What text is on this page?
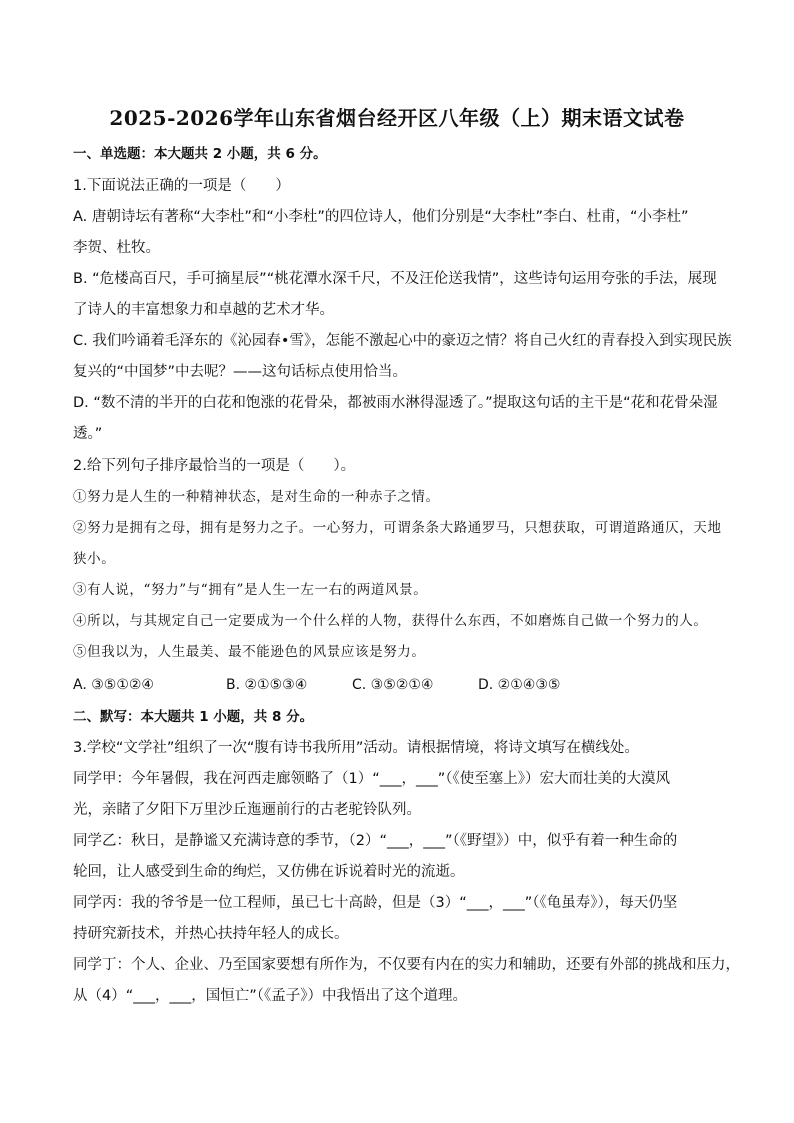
2025-2026学年山东省烟台经开区八年级（上）期末语文试卷
一、单选题：本大题共 2 小题，共 6 分。
1.下面说法正确的一项是（　　）
A. 唐朝诗坛有著称“大李杜”和“小李杜”的四位诗人，他们分别是“大李杜”李白、杜甫，“小李杜”
李贺、杜牧。
B. “危楼高百尺，手可摘星辰”“桃花潭水深千尺，不及汪伦送我情”，这些诗句运用夸张的手法，展现
了诗人的丰富想象力和卓越的艺术才华。
C. 我们吟诵着毛泽东的《沁园春•雪》，怎能不激起心中的豪迈之情？将自己火红的青春投入到实现民族
复兴的“中国梦”中去呢？——这句话标点使用恰当。
D. “数不清的半开的白花和饱涨的花骨朵，都被雨水淋得湿透了。”提取这句话的主干是“花和花骨朵湿
透。”
2.给下列句子排序最恰当的一项是（　　）。
①努力是人生的一种精神状态，是对生命的一种赤子之情。
②努力是拥有之母，拥有是努力之子。一心努力，可谓条条大路通罗马，只想获取，可谓道路通仄，天地
狭小。
③有人说，“努力”与“拥有”是人生一左一右的两道风景。
④所以，与其规定自己一定要成为一个什么样的人物，获得什么东西，不如磨炼自己做一个努力的人。
⑤但我以为，人生最美、最不能逊色的风景应该是努力。
A. ③⑤①②④	B. ②①⑤③④	C. ③⑤②①④	D. ②①④③⑤
二、默写：本大题共 1 小题，共 8 分。
3.学校“文学社”组织了一次“腹有诗书我所用”活动。请根据情境，将诗文填写在横线处。
同学甲：今年暑假，我在河西走廊领略了（1）“___，___”（《使至塞上》）宏大而壮美的大漠风
光，亲睹了夕阳下万里沙丘迤逦前行的古老驼铃队列。
同学乙：秋日，是静谧又充满诗意的季节，（2）“___，___”（《野望》）中，似乎有着一种生命的
轮回，让人感受到生命的绚烂，又仿佛在诉说着时光的流逝。
同学丙：我的爷爷是一位工程师，虽已七十高龄，但是（3）“___，___”（《龟虽寿》），每天仍坚
持研究新技术，并热心扶持年轻人的成长。
同学丁：个人、企业、乃至国家要想有所作为，不仅要有内在的实力和辅助，还要有外部的挑战和压力，
从（4）“___，___，国恒亡”（《孟子》）中我悟出了这个道理。
